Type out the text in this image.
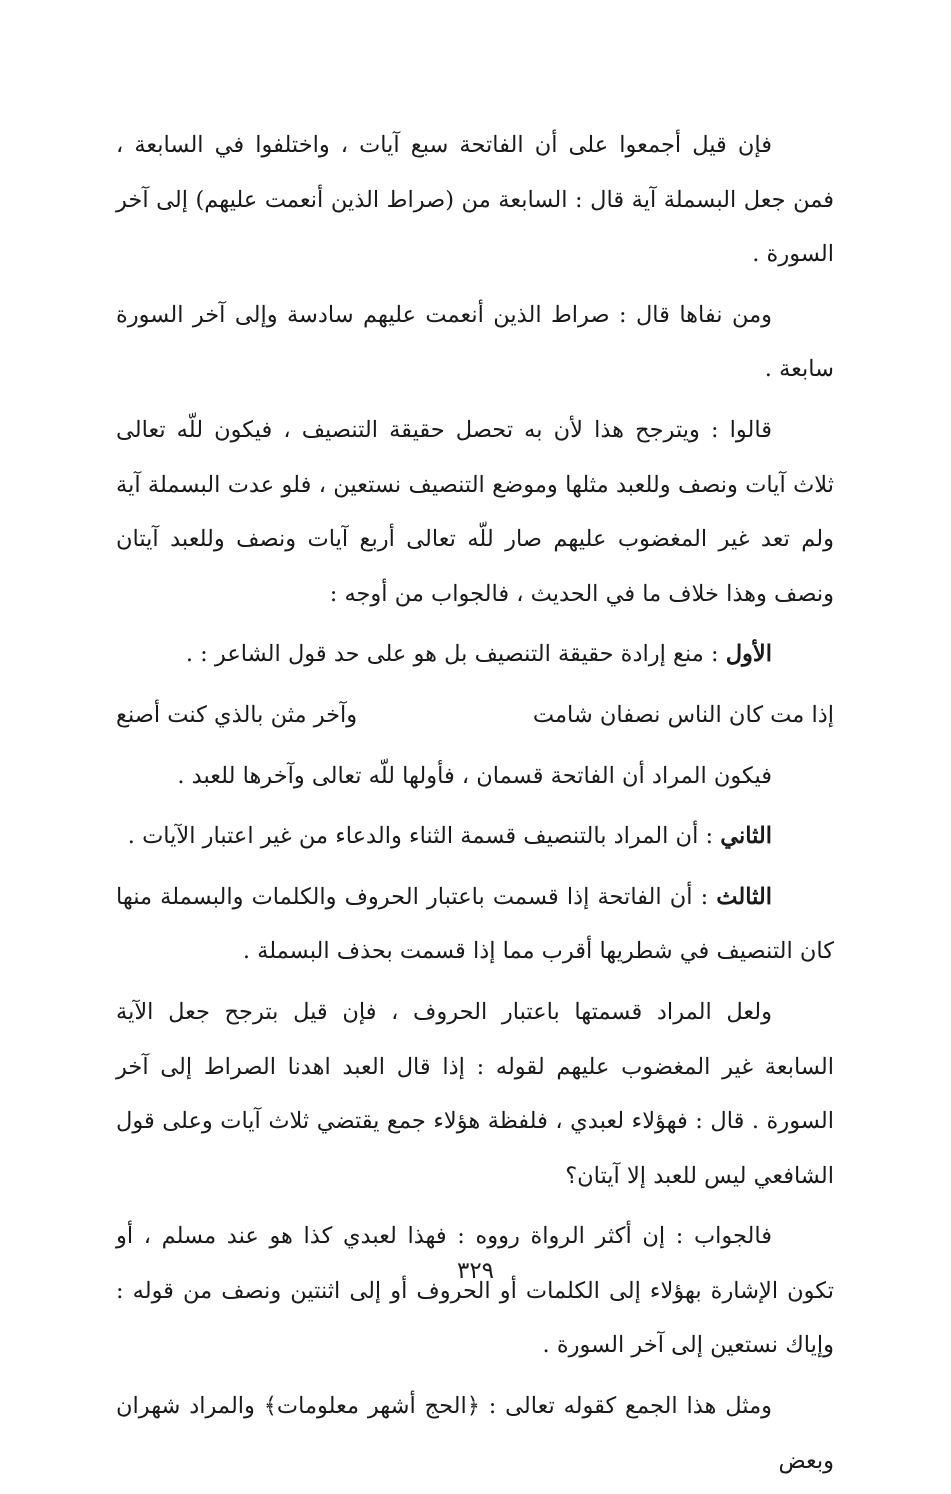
فإن قيل أجمعوا على أن الفاتحة سبع آيات ، واختلفوا في السابعة ، فمن جعل البسملة آية قال : السابعة من (صراط الذين أنعمت عليهم) إلى آخر السورة .

ومن نفاها قال : صراط الذين أنعمت عليهم سادسة وإلى آخر السورة سابعة .

قالوا : ويترجح هذا لأن به تحصل حقيقة التنصيف ، فيكون للّه تعالى ثلاث آيات ونصف وللعبد مثلها وموضع التنصيف نستعين ، فلو عدت البسملة آية ولم تعد غير المغضوب عليهم صار للّه تعالى أربع آيات ونصف وللعبد آيتان ونصف وهذا خلاف ما في الحديث ، فالجواب من أوجه :

الأول : منع إرادة حقيقة التنصيف بل هو على حد قول الشاعر : .

إذا مت كان الناس نصفان شامت
وآخر مثن بالذي كنت أصنع

فيكون المراد أن الفاتحة قسمان ، فأولها للّه تعالى وآخرها للعبد .

الثاني : أن المراد بالتنصيف قسمة الثناء والدعاء من غير اعتبار الآيات .

الثالث : أن الفاتحة إذا قسمت باعتبار الحروف والكلمات والبسملة منها كان التنصيف في شطريها أقرب مما إذا قسمت بحذف البسملة .

ولعل المراد قسمتها باعتبار الحروف ، فإن قيل بترجح جعل الآية السابعة غير المغضوب عليهم لقوله : إذا قال العبد اهدنا الصراط إلى آخر السورة . قال : فهؤلاء لعبدي ، فلفظة هؤلاء جمع يقتضي ثلاث آيات وعلى قول الشافعي ليس للعبد إلا آيتان؟

فالجواب : إن أكثر الرواة رووه : فهذا لعبدي كذا هو عند مسلم ، أو تكون الإشارة بهؤلاء إلى الكلمات أو الحروف أو إلى اثنتين ونصف من قوله : وإياك نستعين إلى آخر السورة .

ومثل هذا الجمع كقوله تعالى : ﴿الحج أشهر معلومات﴾ والمراد شهران وبعض

٣٢٩
